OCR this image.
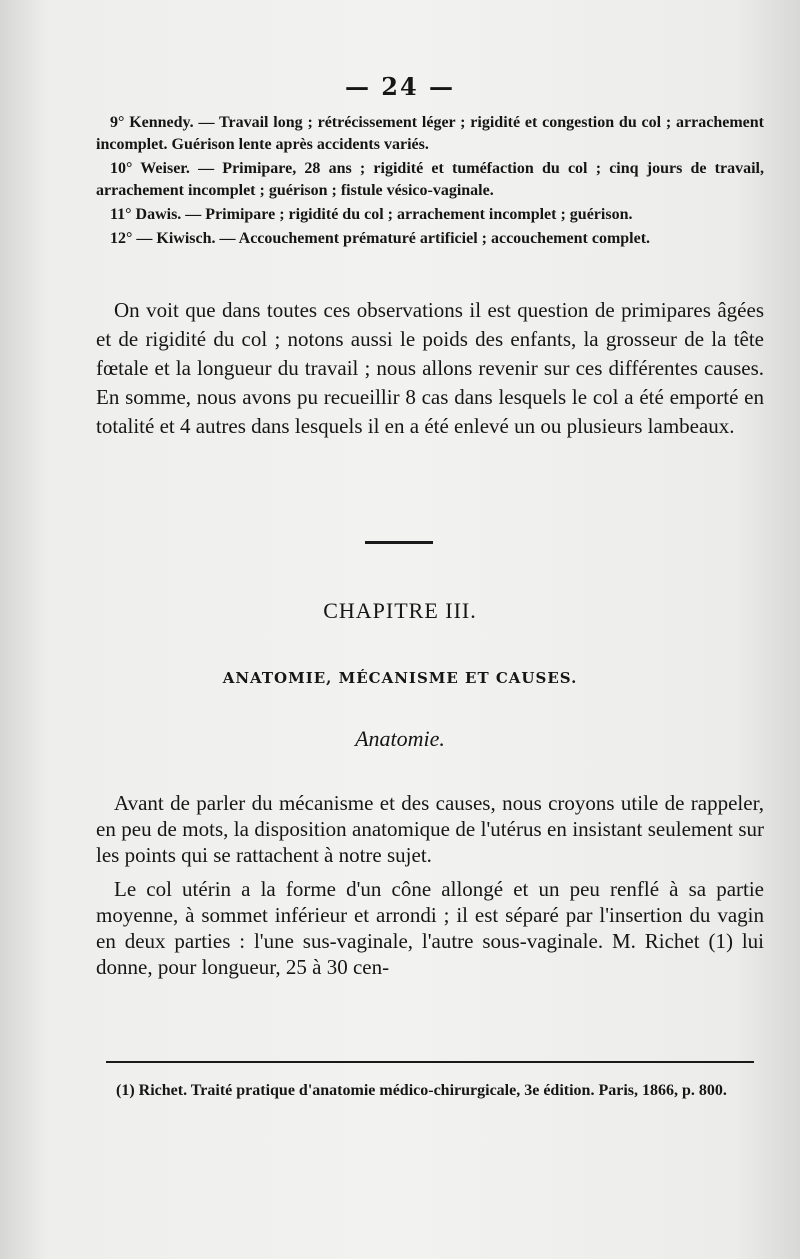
— 24 —

9° Kennedy. — Travail long ; rétrécissement léger ; rigidité et congestion du col ; arrachement incomplet. Guérison lente après accidents variés.

10° Weiser. — Primipare, 28 ans ; rigidité et tuméfaction du col ; cinq jours de travail, arrachement incomplet ; guérison ; fistule vésico-vaginale.

11° Dawis. — Primipare ; rigidité du col ; arrachement incomplet ; guérison.

12° — Kiwisch. — Accouchement prématuré artificiel ; accouchement complet.

On voit que dans toutes ces observations il est question de primipares âgées et de rigidité du col ; notons aussi le poids des enfants, la grosseur de la tête fœtale et la longueur du travail ; nous allons revenir sur ces différentes causes. En somme, nous avons pu recueillir 8 cas dans lesquels le col a été emporté en totalité et 4 autres dans lesquels il en a été enlevé un ou plusieurs lambeaux.

CHAPITRE III.
ANATOMIE, MÉCANISME ET CAUSES.
Anatomie.

Avant de parler du mécanisme et des causes, nous croyons utile de rappeler, en peu de mots, la disposition anatomique de l'utérus en insistant seulement sur les points qui se rattachent à notre sujet.

Le col utérin a la forme d'un cône allongé et un peu renflé à sa partie moyenne, à sommet inférieur et arrondi ; il est séparé par l'insertion du vagin en deux parties : l'une sus-vaginale, l'autre sous-vaginale. M. Richet (1) lui donne, pour longueur, 25 à 30 cen-

(1) Richet. Traité pratique d'anatomie médico-chirurgicale, 3e édition. Paris, 1866, p. 800.
